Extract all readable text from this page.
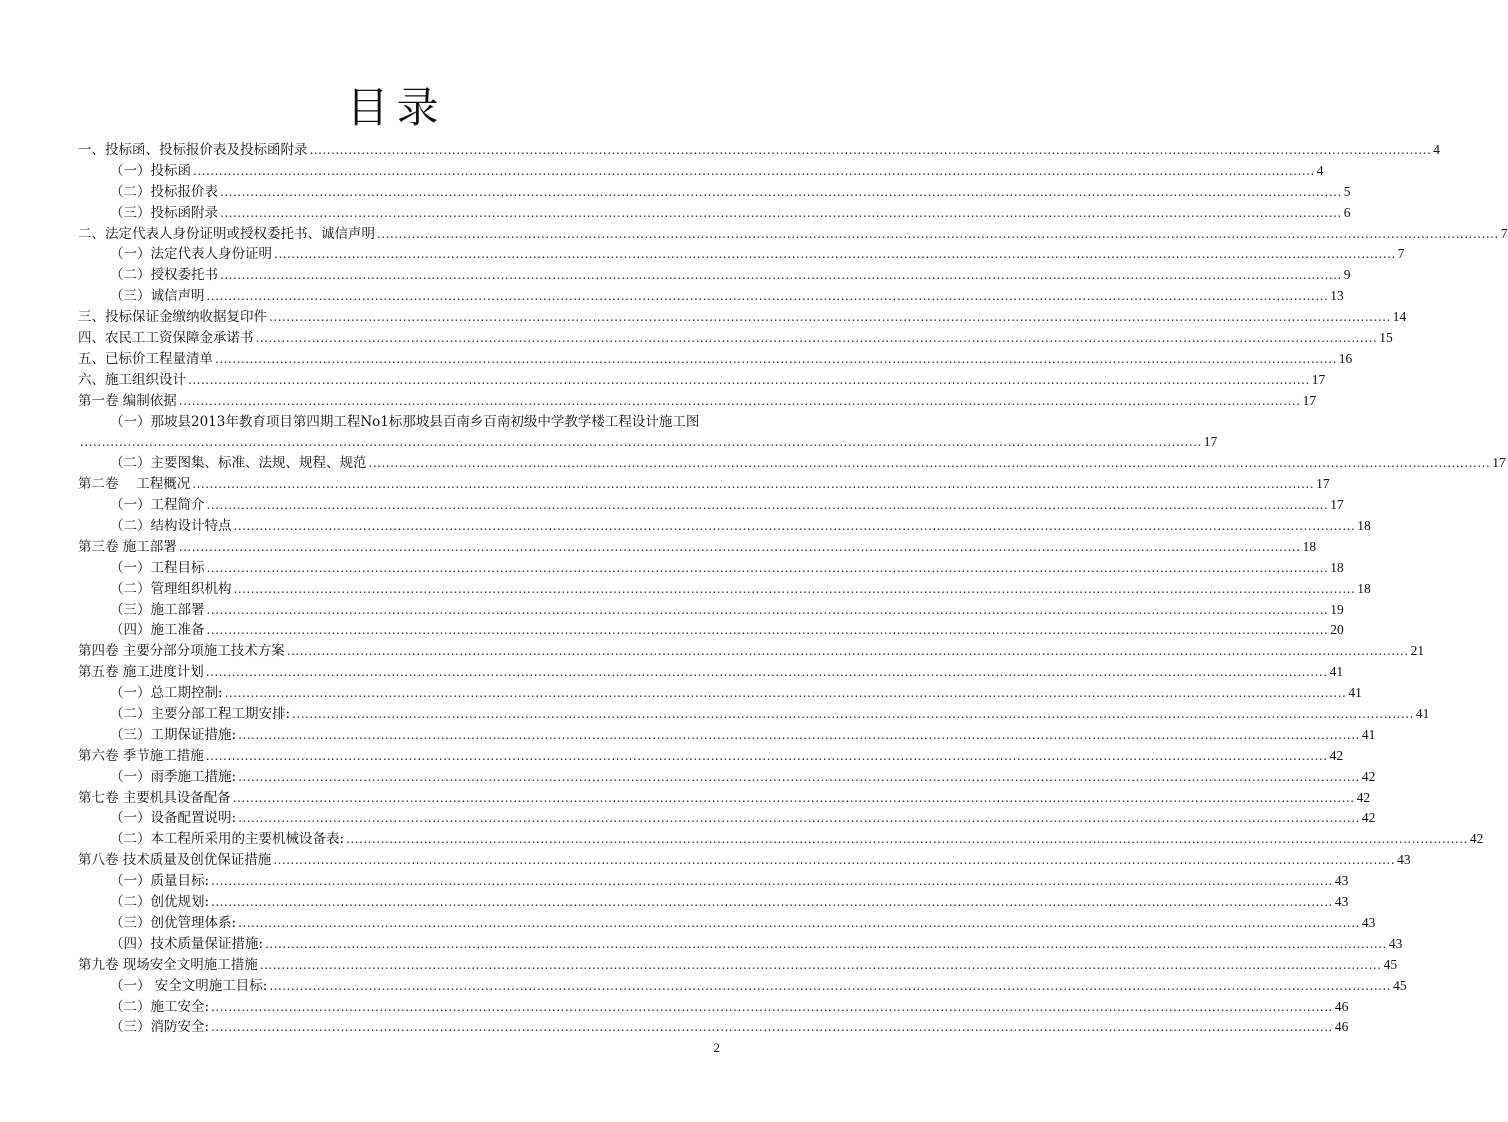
目录
一、投标函、投标报价表及投标函附录 .................................................................................................................................................................................................................................................................... 4
（一）投标函 .................................................................................................................................................................................................................................................................... 4
（二）投标报价表 .................................................................................................................................................................................................................................................................... 5
（三）投标函附录 .................................................................................................................................................................................................................................................................... 6
二、法定代表人身份证明或授权委托书、诚信声明 .................................................................................................................................................................................................................................................................... 7
（一）法定代表人身份证明 .................................................................................................................................................................................................................................................................... 7
（二）授权委托书 .................................................................................................................................................................................................................................................................... 9
（三）诚信声明 .................................................................................................................................................................................................................................................................... 13
三、投标保证金缴纳收据复印件 .................................................................................................................................................................................................................................................................... 14
四、农民工工资保障金承诺书 .................................................................................................................................................................................................................................................................... 15
五、已标价工程量清单 .................................................................................................................................................................................................................................................................... 16
六、施工组织设计 .................................................................................................................................................................................................................................................................... 17
第一卷 编制依据 .................................................................................................................................................................................................................................................................... 17
（一）那坡县2013年教育项目第四期工程No1标那坡县百南乡百南初级中学教学楼工程设计施工图
.................................................................................................................................................................................................................................................................... 17
（二）主要图集、标准、法规、规程、规范 .................................................................................................................................................................................................................................................................... 17
第二卷　 工程概况 .................................................................................................................................................................................................................................................................... 17
（一）工程简介 .................................................................................................................................................................................................................................................................... 17
（二）结构设计特点 .................................................................................................................................................................................................................................................................... 18
第三卷 施工部署 .................................................................................................................................................................................................................................................................... 18
（一）工程目标 .................................................................................................................................................................................................................................................................... 18
（二）管理组织机构 .................................................................................................................................................................................................................................................................... 18
（三）施工部署 .................................................................................................................................................................................................................................................................... 19
（四）施工准备 .................................................................................................................................................................................................................................................................... 20
第四卷 主要分部分项施工技术方案 .................................................................................................................................................................................................................................................................... 21
第五卷 施工进度计划 .................................................................................................................................................................................................................................................................... 41
（一）总工期控制: .................................................................................................................................................................................................................................................................... 41
（二）主要分部工程工期安排: .................................................................................................................................................................................................................................................................... 41
（三）工期保证措施: .................................................................................................................................................................................................................................................................... 41
第六卷 季节施工措施 .................................................................................................................................................................................................................................................................... 42
（一）雨季施工措施: .................................................................................................................................................................................................................................................................... 42
第七卷 主要机具设备配备 .................................................................................................................................................................................................................................................................... 42
（一）设备配置说明: .................................................................................................................................................................................................................................................................... 42
（二）本工程所采用的主要机械设备表: .................................................................................................................................................................................................................................................................... 42
第八卷 技术质量及创优保证措施 .................................................................................................................................................................................................................................................................... 43
（一）质量目标: .................................................................................................................................................................................................................................................................... 43
（二）创优规划: .................................................................................................................................................................................................................................................................... 43
（三）创优管理体系: .................................................................................................................................................................................................................................................................... 43
（四）技术质量保证措施: .................................................................................................................................................................................................................................................................... 43
第九卷 现场安全文明施工措施 .................................................................................................................................................................................................................................................................... 45
（一） 安全文明施工目标: .................................................................................................................................................................................................................................................................... 45
（二）施工安全: .................................................................................................................................................................................................................................................................... 46
（三）消防安全: .................................................................................................................................................................................................................................................................... 46
2
